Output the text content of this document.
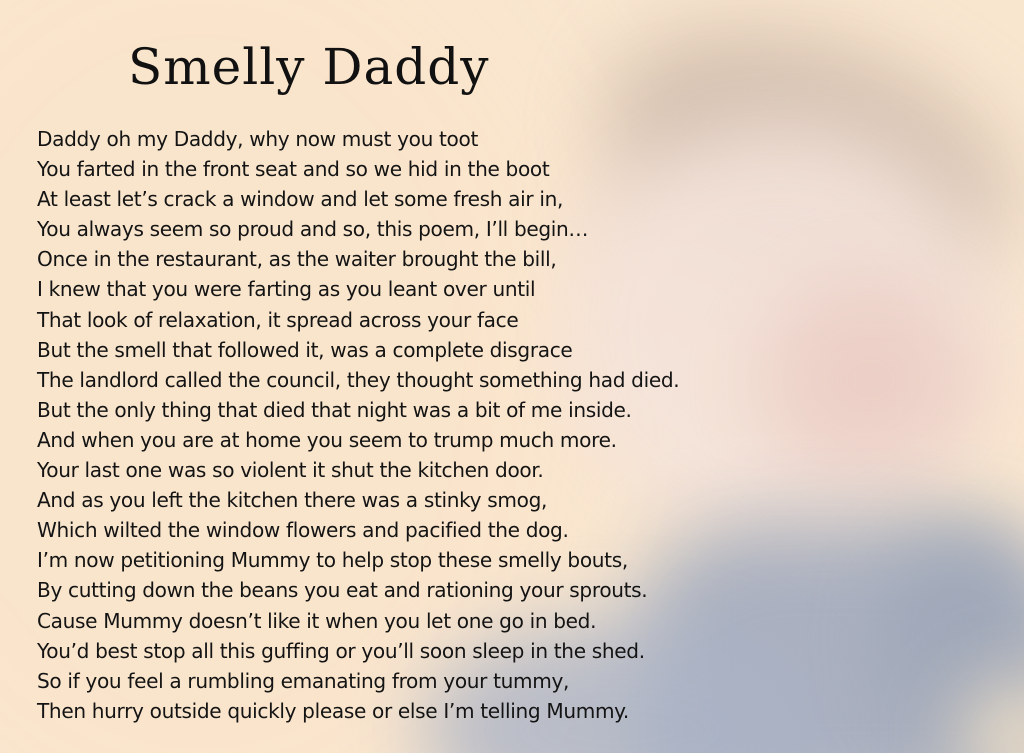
Smelly Daddy
Daddy oh my Daddy, why now must you toot
You farted in the front seat and so we hid in the boot
At least let’s crack a window and let some fresh air in,
You always seem so proud and so, this poem, I’ll begin…
Once in the restaurant, as the waiter brought the bill,
I knew that you were farting as you leant over until
That look of relaxation, it spread across your face
But the smell that followed it, was a complete disgrace
The landlord called the council, they thought something had died.
But the only thing that died that night was a bit of me inside.
And when you are at home you seem to trump much more.
Your last one was so violent it shut the kitchen door.
And as you left the kitchen there was a stinky smog,
Which wilted the window flowers and pacified the dog.
I’m now petitioning Mummy to help stop these smelly bouts,
By cutting down the beans you eat and rationing your sprouts.
Cause Mummy doesn’t like it when you let one go in bed.
You’d best stop all this guffing or you’ll soon sleep in the shed.
So if you feel a rumbling emanating from your tummy,
Then hurry outside quickly please or else I’m telling Mummy.
